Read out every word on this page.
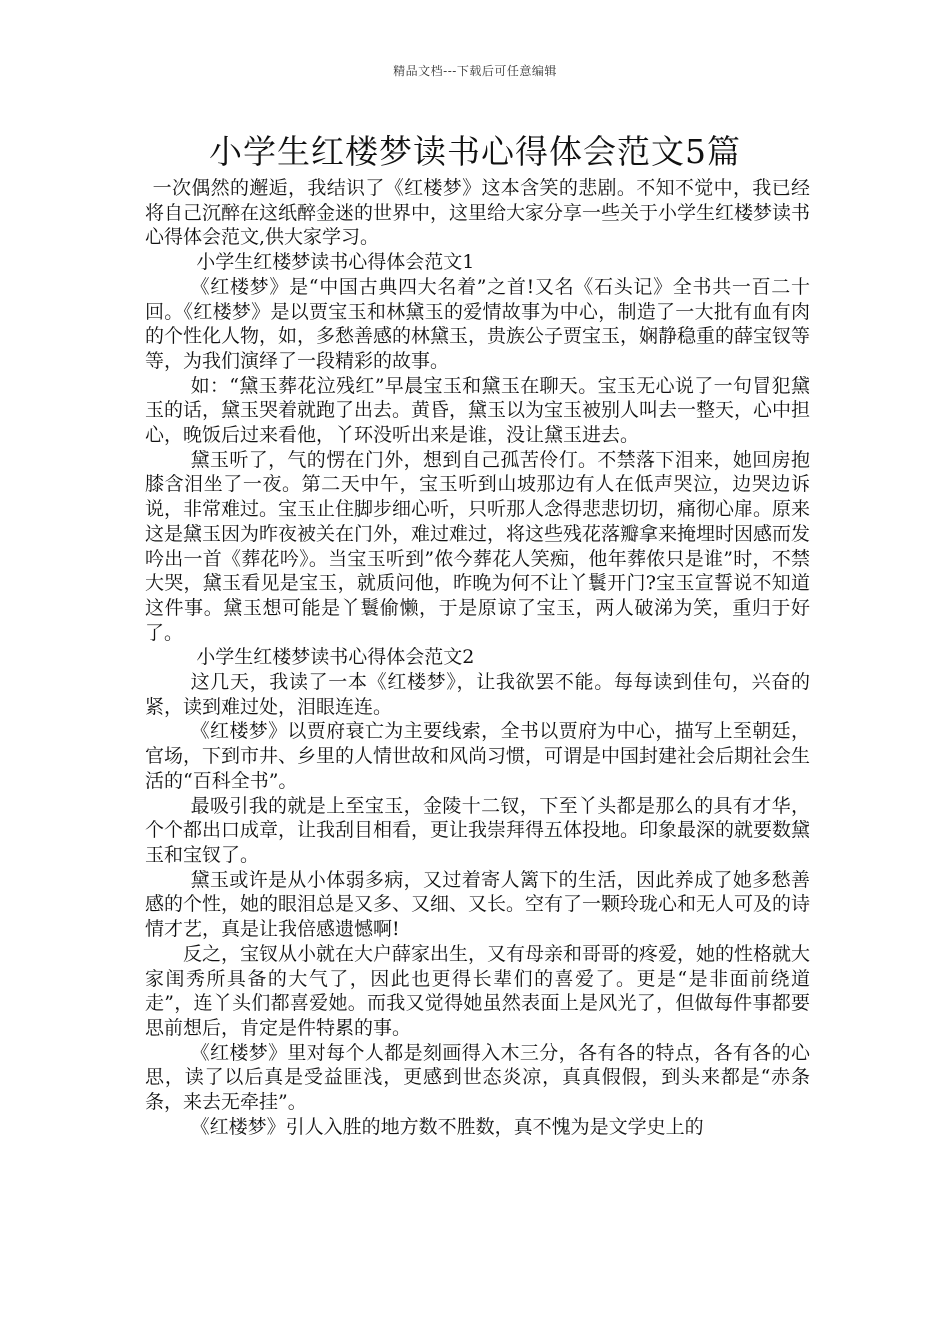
精品文档---下载后可任意编辑
小学生红楼梦读书心得体会范文5篇

一次偶然的邂逅，我结识了《红楼梦》这本含笑的悲剧。不知不觉中，我已经将自己沉醉在这纸醉金迷的世界中，这里给大家分享一些关于小学生红楼梦读书心得体会范文,供大家学习。

小学生红楼梦读书心得体会范文1

《红楼梦》是“中国古典四大名着”之首!又名《石头记》全书共一百二十回。《红楼梦》是以贾宝玉和林黛玉的爱情故事为中心，制造了一大批有血有肉的个性化人物，如，多愁善感的林黛玉，贵族公子贾宝玉，娴静稳重的薛宝钗等等，为我们演绎了一段精彩的故事。

如：“黛玉葬花泣残红”早晨宝玉和黛玉在聊天。宝玉无心说了一句冒犯黛玉的话，黛玉哭着就跑了出去。黄昏，黛玉以为宝玉被别人叫去一整天，心中担心，晚饭后过来看他，丫环没听出来是谁，没让黛玉进去。

黛玉听了，气的愣在门外，想到自己孤苦伶仃。不禁落下泪来，她回房抱膝含泪坐了一夜。第二天中午，宝玉听到山坡那边有人在低声哭泣，边哭边诉说，非常难过。宝玉止住脚步细心听，只听那人念得悲悲切切，痛彻心扉。原来这是黛玉因为昨夜被关在门外，难过难过，将这些残花落瓣拿来掩埋时因感而发吟出一首《葬花吟》。当宝玉听到”侬今葬花人笑痴，他年葬侬只是谁”时，不禁大哭，黛玉看见是宝玉，就质问他，昨晚为何不让丫鬟开门?宝玉宣誓说不知道这件事。黛玉想可能是丫鬟偷懒，于是原谅了宝玉，两人破涕为笑，重归于好了。

小学生红楼梦读书心得体会范文2

这几天，我读了一本《红楼梦》，让我欲罢不能。每每读到佳句，兴奋的紧，读到难过处，泪眼连连。

《红楼梦》以贾府衰亡为主要线索，全书以贾府为中心，描写上至朝廷，官场，下到市井、乡里的人情世故和风尚习惯，可谓是中国封建社会后期社会生活的“百科全书”。

最吸引我的就是上至宝玉，金陵十二钗，下至丫头都是那么的具有才华，个个都出口成章，让我刮目相看，更让我崇拜得五体投地。印象最深的就要数黛玉和宝钗了。

黛玉或许是从小体弱多病，又过着寄人篱下的生活，因此养成了她多愁善感的个性，她的眼泪总是又多、又细、又长。空有了一颗玲珑心和无人可及的诗情才艺，真是让我倍感遗憾啊!

反之，宝钗从小就在大户薛家出生，又有母亲和哥哥的疼爱，她的性格就大家闺秀所具备的大气了，因此也更得长辈们的喜爱了。更是“是非面前绕道走”，连丫头们都喜爱她。而我又觉得她虽然表面上是风光了，但做每件事都要思前想后，肯定是件特累的事。

《红楼梦》里对每个人都是刻画得入木三分，各有各的特点，各有各的心思，读了以后真是受益匪浅，更感到世态炎凉，真真假假，到头来都是“赤条条，来去无牵挂”。

《红楼梦》引人入胜的地方数不胜数，真不愧为是文学史上的
